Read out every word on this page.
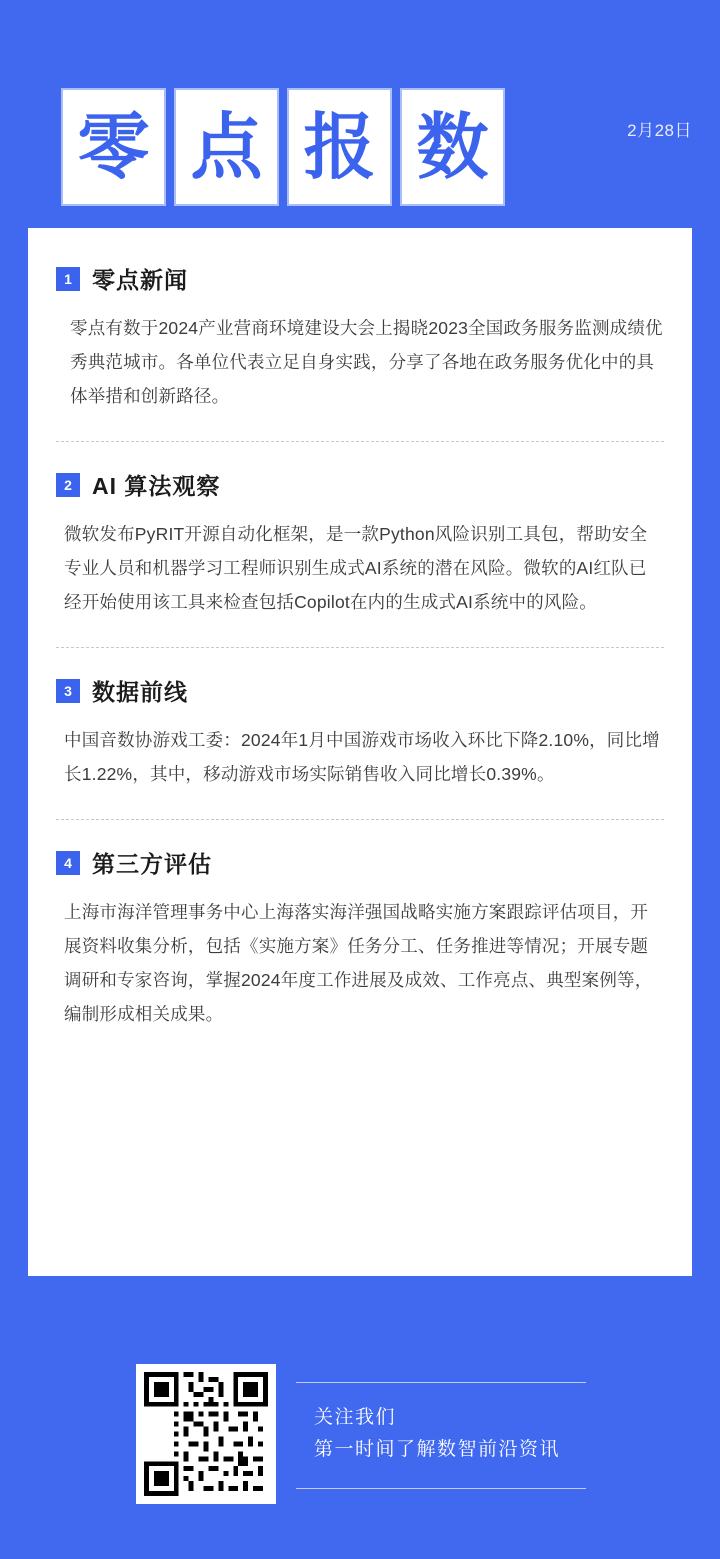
零 点 报 数	2月28日
1 零点新闻
零点有数于2024产业营商环境建设大会上揭晓2023全国政务服务监测成绩优秀典范城市。各单位代表立足自身实践，分享了各地在政务服务优化中的具体举措和创新路径。
2 AI 算法观察
微软发布PyRIT开源自动化框架，是一款Python风险识别工具包，帮助安全专业人员和机器学习工程师识别生成式AI系统的潜在风险。微软的AI红队已经开始使用该工具来检查包括Copilot在内的生成式AI系统中的风险。
3 数据前线
中国音数协游戏工委：2024年1月中国游戏市场收入环比下降2.10%，同比增长1.22%，其中，移动游戏市场实际销售收入同比增长0.39%。
4 第三方评估
上海市海洋管理事务中心上海落实海洋强国战略实施方案跟踪评估项目，开展资料收集分析，包括《实施方案》任务分工、任务推进等情况；开展专题调研和专家咨询，掌握2024年度工作进展及成效、工作亮点、典型案例等，编制形成相关成果。
关注我们
第一时间了解数智前沿资讯
